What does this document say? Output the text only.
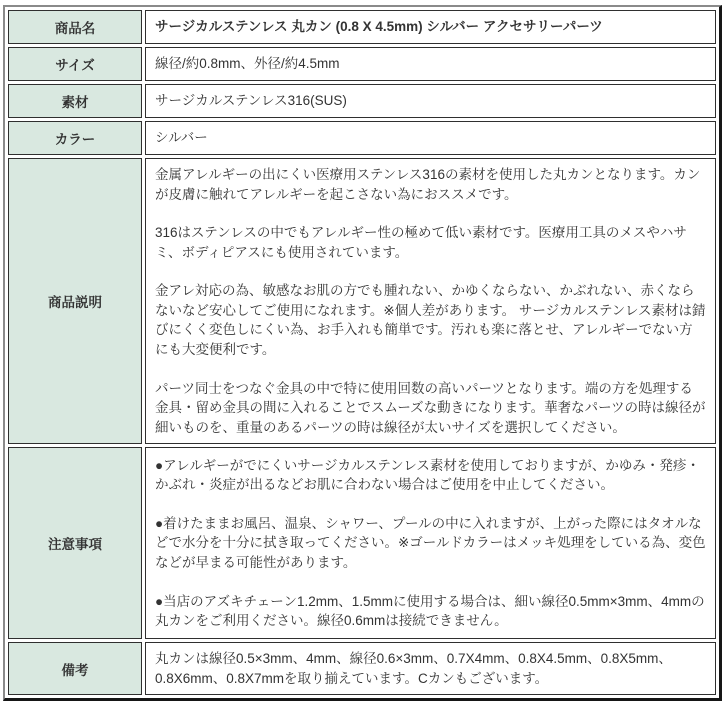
商品名	サージカルステンレス 丸カン (0.8 X 4.5mm) シルバー アクセサリーパーツ

サイズ	線径/約0.8mm、外径/約4.5mm

素材	サージカルステンレス316(SUS)

カラー	シルバー

商品説明	金属アレルギーの出にくい医療用ステンレス316の素材を使用した丸カンとなります。カンが皮膚に触れてアレルギーを起こさない為におススメです。

316はステンレスの中でもアレルギー性の極めて低い素材です。医療用工具のメスやハサミ、ボディピアスにも使用されています。

金アレ対応の為、敏感なお肌の方でも腫れない、かゆくならない、かぶれない、赤くならないなど安心してご使用になれます。※個人差があります。 サージカルステンレス素材は錆びにくく変色しにくい為、お手入れも簡単です。汚れも楽に落とせ、アレルギーでない方にも大変便利です。

パーツ同士をつなぐ金具の中で特に使用回数の高いパーツとなります。端の方を処理する金具・留め金具の間に入れることでスムーズな動きになります。華奢なパーツの時は線径が細いものを、重量のあるパーツの時は線径が太いサイズを選択してください。

注意事項	●アレルギーがでにくいサージカルステンレス素材を使用しておりますが、かゆみ・発疹・かぶれ・炎症が出るなどお肌に合わない場合はご使用を中止してください。

●着けたままお風呂、温泉、シャワー、プールの中に入れますが、上がった際にはタオルなどで水分を十分に拭き取ってください。※ゴールドカラーはメッキ処理をしている為、変色などが早まる可能性があります。

●当店のアズキチェーン1.2mm、1.5mmに使用する場合は、細い線径0.5mm×3mm、4mmの丸カンをご利用ください。線径0.6mmは接続できません。

備考	丸カンは線径0.5×3mm、4mm、線径0.6×3mm、0.7X4mm、0.8X4.5mm、0.8X5mm、0.8X6mm、0.8X7mmを取り揃えています。Cカンもございます。
